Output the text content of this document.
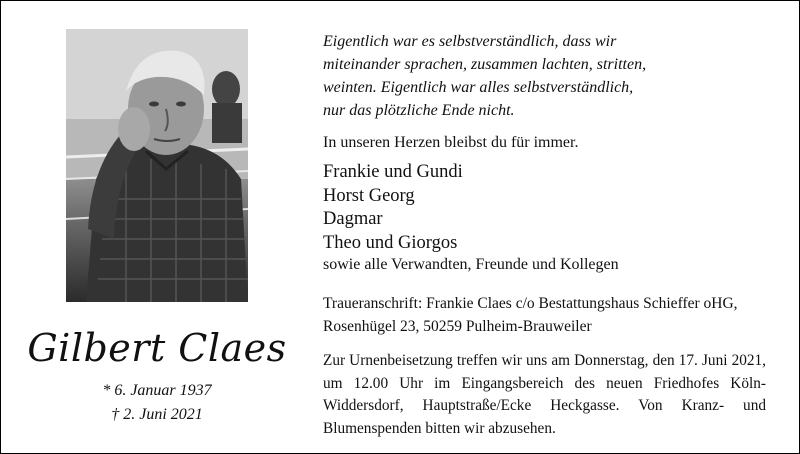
Gilbert Claes
* 6. Januar 1937
† 2. Juni 2021
Eigentlich war es selbstverständlich, dass wir
miteinander sprachen, zusammen lachten, stritten,
weinten. Eigentlich war alles selbstverständlich,
nur das plötzliche Ende nicht.
In unseren Herzen bleibst du für immer.
Frankie und Gundi
Horst Georg
Dagmar
Theo und Giorgos
sowie alle Verwandten, Freunde und Kollegen
Traueranschrift: Frankie Claes c/o Bestattungshaus Schieffer oHG,
Rosenhügel 23, 50259 Pulheim-Brauweiler
Zur Urnenbeisetzung treffen wir uns am Donnerstag, den 17. Juni 2021, um 12.00 Uhr im Eingangsbereich des neuen Friedhofes Köln-Widdersdorf, Hauptstraße/Ecke Heckgasse. Von Kranz- und Blumenspenden bitten wir abzusehen.
